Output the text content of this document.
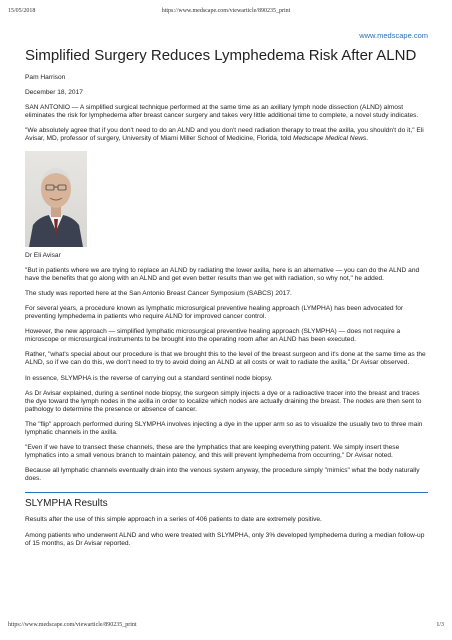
15/05/2018	https://www.medscape.com/viewarticle/890235_print
www.medscape.com
Simplified Surgery Reduces Lymphedema Risk After ALND

Pam Harrison

December 18, 2017

SAN ANTONIO — A simplified surgical technique performed at the same time as an axillary lymph node dissection (ALND) almost eliminates the risk for lymphedema after breast cancer surgery and takes very little additional time to complete, a novel study indicates.

"We absolutely agree that if you don't need to do an ALND and you don't need radiation therapy to treat the axilla, you shouldn't do it," Eli Avisar, MD, professor of surgery, University of Miami Miller School of Medicine, Florida, told Medscape Medical News.

Dr Eli Avisar

"But in patients where we are trying to replace an ALND by radiating the lower axilla, here is an alternative — you can do the ALND and have the benefits that go along with an ALND and get even better results than we get with radiation, so why not," he added.

The study was reported here at the San Antonio Breast Cancer Symposium (SABCS) 2017.

For several years, a procedure known as lymphatic microsurgical preventive healing approach (LYMPHA) has been advocated for preventing lymphedema in patients who require ALND for improved cancer control.

However, the new approach — simplified lymphatic microsurgical preventive healing approach (SLYMPHA) — does not require a microscope or microsurgical instruments to be brought into the operating room after an ALND has been executed.

Rather, "what's special about our procedure is that we brought this to the level of the breast surgeon and it's done at the same time as the ALND, so if we can do this, we don't need to try to avoid doing an ALND at all costs or wait to radiate the axilla," Dr Avisar observed.

In essence, SLYMPHA is the reverse of carrying out a standard sentinel node biopsy.

As Dr Avisar explained, during a sentinel node biopsy, the surgeon simply injects a dye or a radioactive tracer into the breast and traces the dye toward the lymph nodes in the axilla in order to localize which nodes are actually draining the breast. The nodes are then sent to pathology to determine the presence or absence of cancer.

The "flip" approach performed during SLYMPHA involves injecting a dye in the upper arm so as to visualize the usually two to three main lymphatic channels in the axilla.

"Even if we have to transect these channels, these are the lymphatics that are keeping everything patent. We simply insert these lymphatics into a small venous branch to maintain patency, and this will prevent lymphedema from occurring," Dr Avisar noted.

Because all lymphatic channels eventually drain into the venous system anyway, the procedure simply "mimics" what the body naturally does.

SLYMPHA Results

Results after the use of this simple approach in a series of 406 patients to date are extremely positive.

Among patients who underwent ALND and who were treated with SLYMPHA, only 3% developed lymphedema during a median follow-up of 15 months, as Dr Avisar reported.

https://www.medscape.com/viewarticle/890235_print	1/3
